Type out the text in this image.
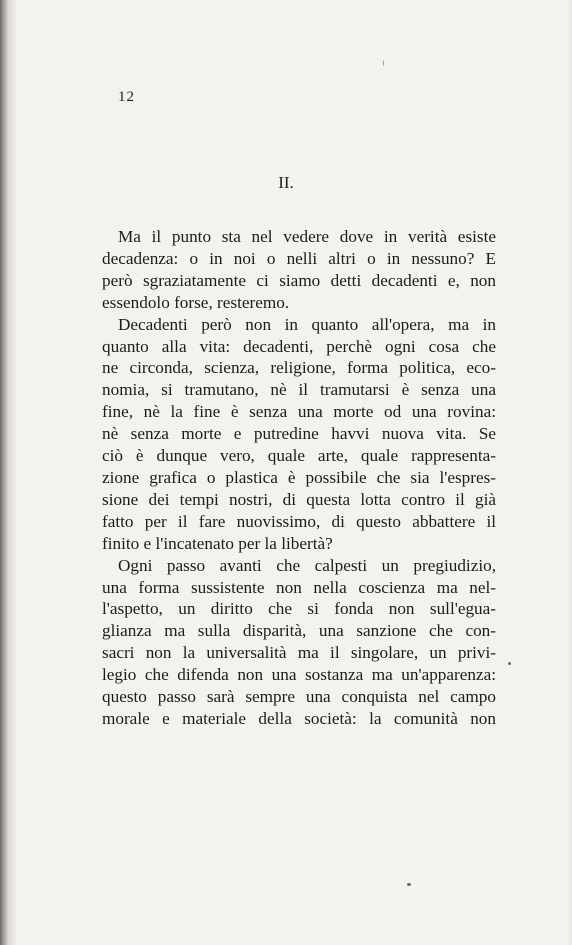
12
II.
Ma il punto sta nel vedere dove in verità esiste
decadenza: o in noi o nelli altri o in nessuno? E
però sgraziatamente ci siamo detti decadenti e, non
essendolo forse, resteremo.
Decadenti però non in quanto all'opera, ma in
quanto alla vita: decadenti, perchè ogni cosa che
ne circonda, scienza, religione, forma politica, eco-
nomia, si tramutano, nè il tramutarsi è senza una
fine, nè la fine è senza una morte od una rovina:
nè senza morte e putredine havvi nuova vita. Se
ciò è dunque vero, quale arte, quale rappresenta-
zione grafica o plastica è possibile che sia l'espres-
sione dei tempi nostri, di questa lotta contro il già
fatto per il fare nuovissimo, di questo abbattere il
finito e l'incatenato per la libertà?
Ogni passo avanti che calpesti un pregiudizio,
una forma sussistente non nella coscienza ma nel-
l'aspetto, un diritto che si fonda non sull'egua-
glianza ma sulla disparità, una sanzione che con-
sacri non la universalità ma il singolare, un privi-
legio che difenda non una sostanza ma un'apparenza:
questo passo sarà sempre una conquista nel campo
morale e materiale della società: la comunità non
